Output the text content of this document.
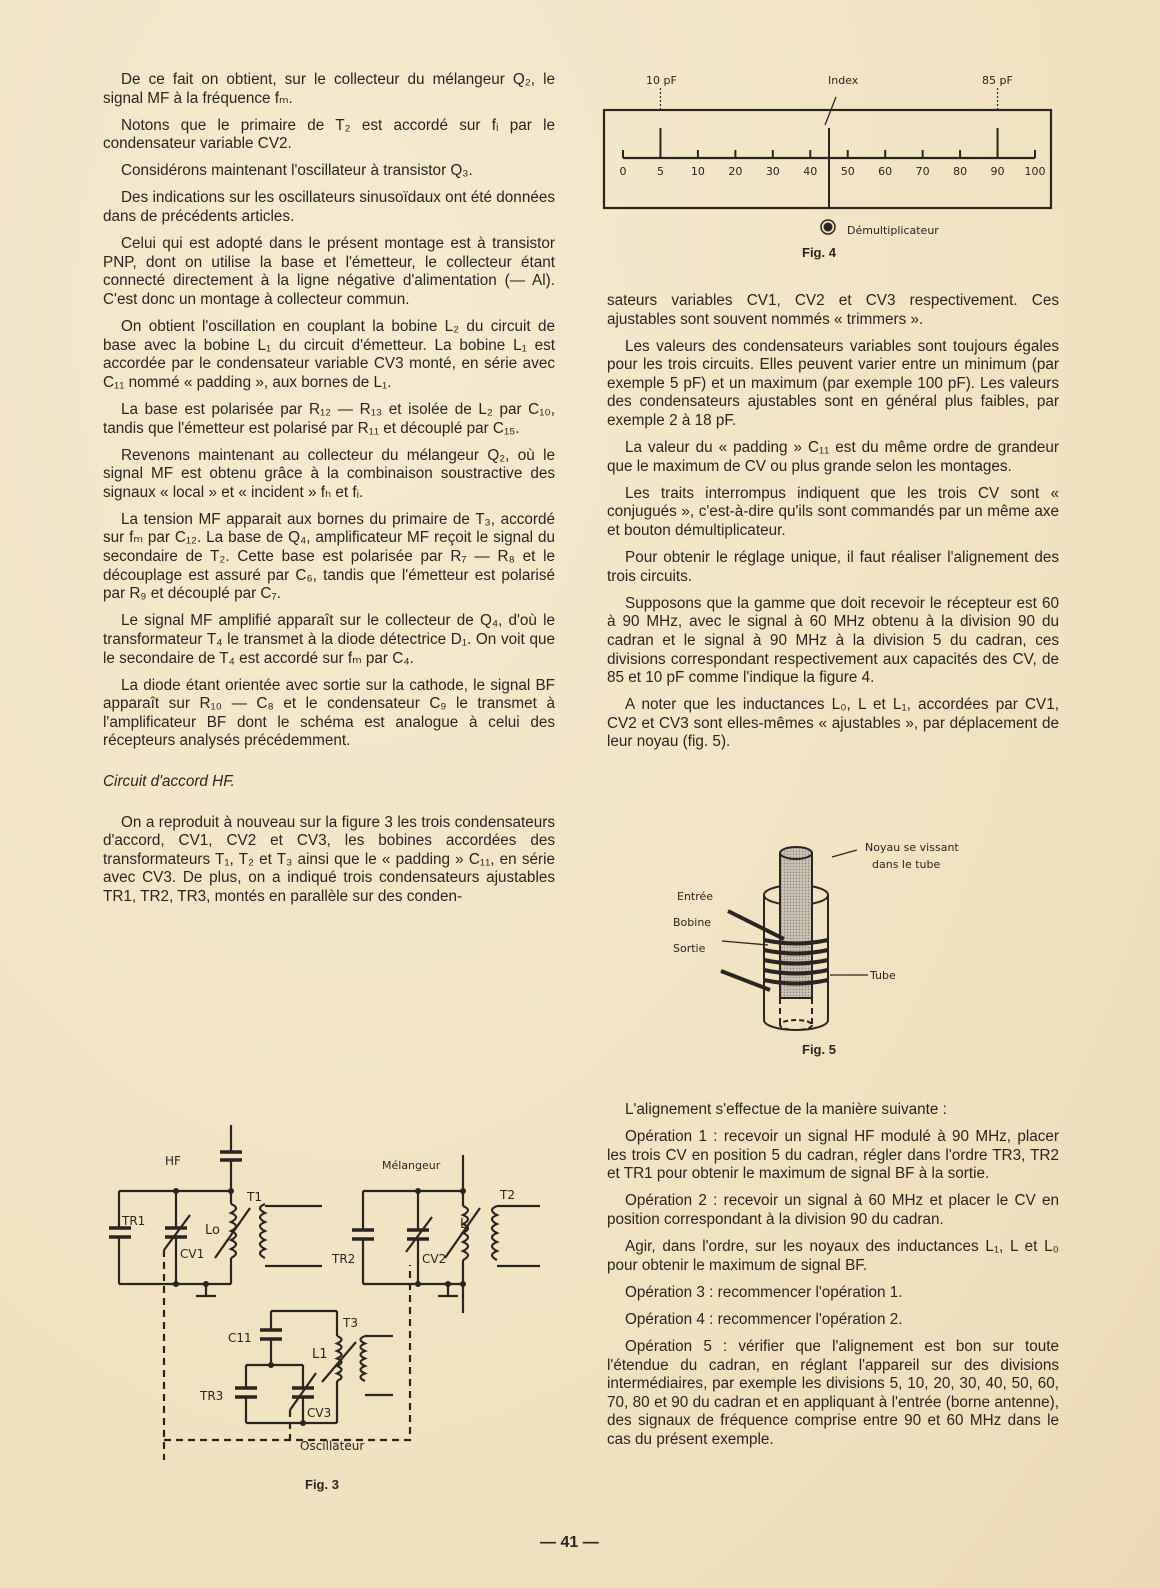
De ce fait on obtient, sur le collecteur du mélangeur Q₂, le signal MF à la fréquence fₘ.

Notons que le primaire de T₂ est accordé sur fᵢ par le condensateur variable CV2.

Considérons maintenant l'oscillateur à transistor Q₃.

Des indications sur les oscillateurs sinusoïdaux ont été données dans de précédents articles.

Celui qui est adopté dans le présent montage est à transistor PNP, dont on utilise la base et l'émetteur, le collecteur étant connecté directement à la ligne négative d'alimentation (— Al). C'est donc un montage à collecteur commun.

On obtient l'oscillation en couplant la bobine L₂ du circuit de base avec la bobine L₁ du circuit d'émetteur. La bobine L₁ est accordée par le condensateur variable CV3 monté, en série avec C₁₁ nommé « padding », aux bornes de L₁.

La base est polarisée par R₁₂ — R₁₃ et isolée de L₂ par C₁₀, tandis que l'émetteur est polarisé par R₁₁ et découplé par C₁₅.

Revenons maintenant au collecteur du mélangeur Q₂, où le signal MF est obtenu grâce à la combinaison soustractive des signaux « local » et « incident » fₕ et fᵢ.

La tension MF apparait aux bornes du primaire de T₃, accordé sur fₘ par C₁₂. La base de Q₄, amplificateur MF reçoit le signal du secondaire de T₂. Cette base est polarisée par R₇ — R₈ et le découplage est assuré par C₆, tandis que l'émetteur est polarisé par R₉ et découplé par C₇.

Le signal MF amplifié apparaît sur le collecteur de Q₄, d'où le transformateur T₄ le transmet à la diode détectrice D₁. On voit que le secondaire de T₄ est accordé sur fₘ par C₄.

La diode étant orientée avec sortie sur la cathode, le signal BF apparaît sur R₁₀ — C₈ et le condensateur C₉ le transmet à l'amplificateur BF dont le schéma est analogue à celui des récepteurs analysés précédemment.

Circuit d'accord HF.

On a reproduit à nouveau sur la figure 3 les trois condensateurs d'accord, CV1, CV2 et CV3, les bobines accordées des transformateurs T₁, T₂ et T₃ ainsi que le « padding » C₁₁, en série avec CV3. De plus, on a indiqué trois condensateurs ajustables TR1, TR2, TR3, montés en parallèle sur des conden-

HF	Mélangeur
Oscillateur
TR1
CV1
Lo
T1
TR2	CV2
L
T2
C11
TR3
CV3
L1
T3
Fig. 3
0	5 10 20 30 40 50 60 70 80 90 100
10 pF	Index	85 pF
Démultiplicateur
Fig. 4

sateurs variables CV1, CV2 et CV3 respectivement. Ces ajustables sont souvent nommés « trimmers ».

Les valeurs des condensateurs variables sont toujours égales pour les trois circuits. Elles peuvent varier entre un minimum (par exemple 5 pF) et un maximum (par exemple 100 pF). Les valeurs des condensateurs ajustables sont en général plus faibles, par exemple 2 à 18 pF.

La valeur du « padding » C₁₁ est du même ordre de grandeur que le maximum de CV ou plus grande selon les montages.

Les traits interrompus indiquent que les trois CV sont « conjugués », c'est-à-dire qu'ils sont commandés par un même axe et bouton démultiplicateur.

Pour obtenir le réglage unique, il faut réaliser l'alignement des trois circuits.

Supposons que la gamme que doit recevoir le récepteur est 60 à 90 MHz, avec le signal à 60 MHz obtenu à la division 90 du cadran et le signal à 90 MHz à la division 5 du cadran, ces divisions correspondant respectivement aux capacités des CV, de 85 et 10 pF comme l'indique la figure 4.

A noter que les inductances L₀, L et L₁, accordées par CV1, CV2 et CV3 sont elles-mêmes « ajustables », par déplacement de leur noyau (fig. 5).

Noyau se vissant
dans le tube
Entrée
Bobine
Sortie
Tube
Fig. 5

L'alignement s'effectue de la manière suivante :

Opération 1 : recevoir un signal HF modulé à 90 MHz, placer les trois CV en position 5 du cadran, régler dans l'ordre TR3, TR2 et TR1 pour obtenir le maximum de signal BF à la sortie.

Opération 2 : recevoir un signal à 60 MHz et placer le CV en position correspondant à la division 90 du cadran.

Agir, dans l'ordre, sur les noyaux des inductances L₁, L et L₀ pour obtenir le maximum de signal BF.

Opération 3 : recommencer l'opération 1.

Opération 4 : recommencer l'opération 2.

Opération 5 : vérifier que l'alignement est bon sur toute l'étendue du cadran, en réglant l'appareil sur des divisions intermédiaires, par exemple les divisions 5, 10, 20, 30, 40, 50, 60, 70, 80 et 90 du cadran et en appliquant à l'entrée (borne antenne), des signaux de fréquence comprise entre 90 et 60 MHz dans le cas du présent exemple.

— 41 —
